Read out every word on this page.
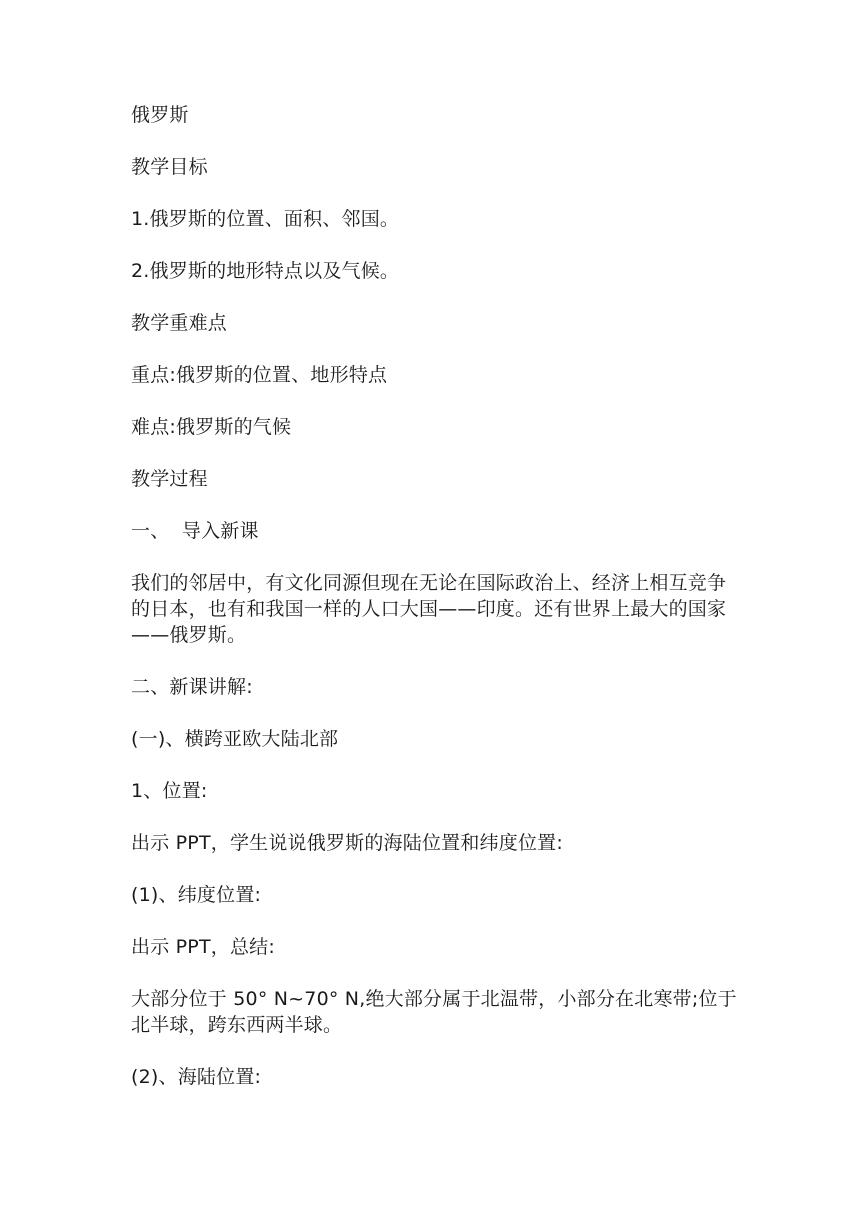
俄罗斯

教学目标

1.俄罗斯的位置、面积、邻国。

2.俄罗斯的地形特点以及气候。

教学重难点

重点:俄罗斯的位置、地形特点

难点:俄罗斯的气候

教学过程

一、  导入新课

我们的邻居中，有文化同源但现在无论在国际政治上、经济上相互竞争的日本，也有和我国一样的人口大国——印度。还有世界上最大的国家——俄罗斯。

二、新课讲解:

(一)、横跨亚欧大陆北部

1、位置:

出示 PPT，学生说说俄罗斯的海陆位置和纬度位置:

(1)、纬度位置:

出示 PPT，总结:

大部分位于 50° N~70° N,绝大部分属于北温带，小部分在北寒带;位于北半球，跨东西两半球。

(2)、海陆位置:
